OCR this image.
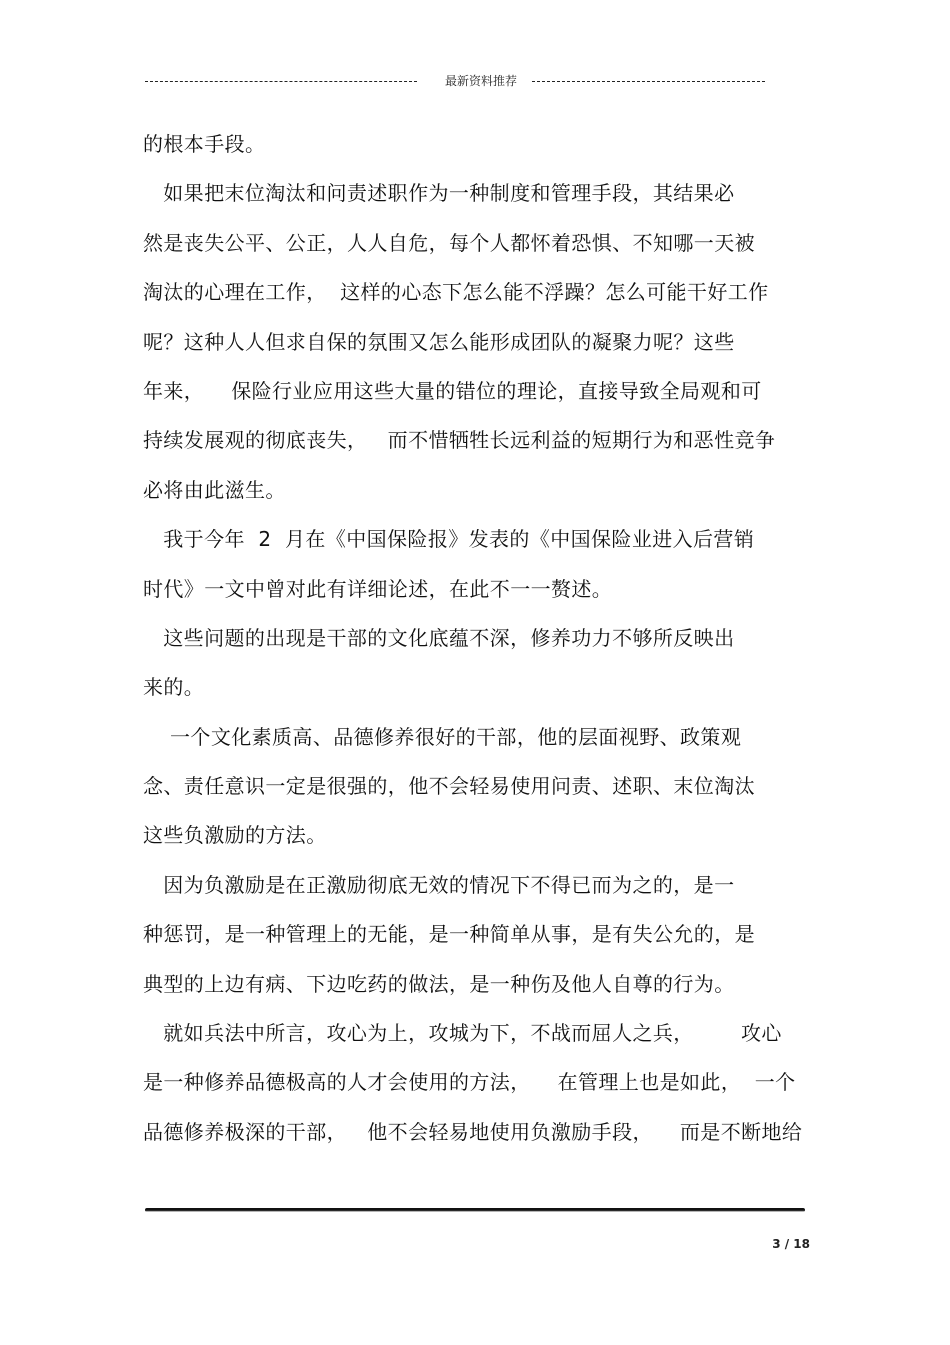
最新资料推荐
的根本手段。
如果把末位淘汰和问责述职作为一种制度和管理手段，其结果必
然是丧失公平、公正，人人自危，每个人都怀着恐惧、不知哪一天被
淘汰的心理在工作，  这样的心态下怎么能不浮躁？怎么可能干好工作
呢？这种人人但求自保的氛围又怎么能形成团队的凝聚力呢？这些
年来，    保险行业应用这些大量的错位的理论，直接导致全局观和可
持续发展观的彻底丧失，   而不惜牺牲长远利益的短期行为和恶性竞争
必将由此滋生。
我于今年  2  月在《中国保险报》发表的《中国保险业进入后营销
时代》一文中曾对此有详细论述，在此不一一赘述。
这些问题的出现是干部的文化底蕴不深，修养功力不够所反映出
来的。
一个文化素质高、品德修养很好的干部，他的层面视野、政策观
念、责任意识一定是很强的，他不会轻易使用问责、述职、末位淘汰
这些负激励的方法。
因为负激励是在正激励彻底无效的情况下不得已而为之的，是一
种惩罚，是一种管理上的无能，是一种简单从事，是有失公允的，是
典型的上边有病、下边吃药的做法，是一种伤及他人自尊的行为。
就如兵法中所言，攻心为上，攻城为下，不战而屈人之兵，       攻心
是一种修养品德极高的人才会使用的方法，    在管理上也是如此，  一个
品德修养极深的干部，   他不会轻易地使用负激励手段，    而是不断地给
3 / 18
